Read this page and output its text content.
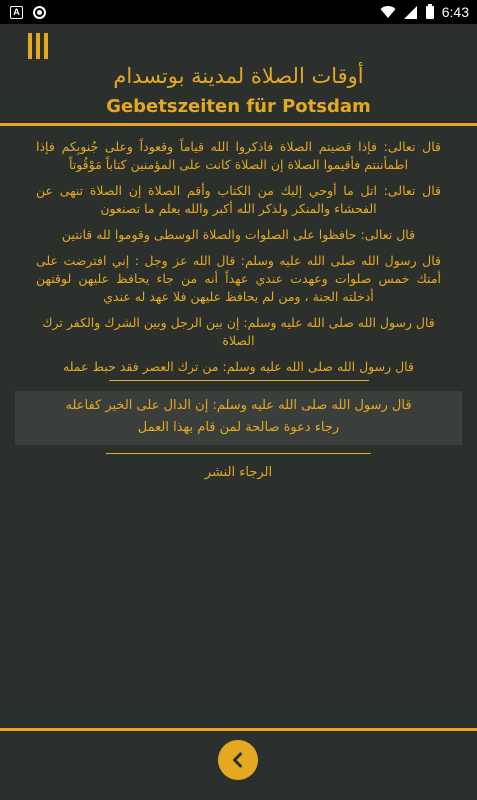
A	6:43
أوقات الصلاة لمدينة بوتسدام
Gebetszeiten für Potsdam
قال تعالى: فإذا قضيتم الصلاة فاذكروا الله قياماً وقعوداً وعلى جُنوبِكم فإذا اطمأننتم فأقيموا الصلاة إن الصلاة كانت على المؤمنين كتاباً مَوْقُوتاً
قال تعالى: اتل ما أوحي إليك من الكتاب وأقم الصلاة إن الصلاة تنهى عن الفحشاء والمنكر ولذكر الله أكبر والله يعلم ما تصنعون
قال تعالى: حافظوا على الصلوات والصلاة الوسطى وقوموا لله قانتين
قال رسول الله صلى الله عليه وسلم: قال الله عز وجل : إني افترضت على أمتك خمس صلوات وعهدت عندي عهداً أنه من جاء يحافظ عليهن لوقتهن أدخلته الجنة ، ومن لم يحافظ عليهن فلا عهد له عندي
قال رسول الله صلى الله عليه وسلم: إن بين الرجل وبين الشرك والكفر ترك الصلاة
قال رسول الله صلى الله عليه وسلم: من ترك العصر فقد حبط عمله
قال رسول الله صلى الله عليه وسلم: إن الدال على الخير كفاعله
رجاء دعوة صالحة لمن قام بهذا العمل
الرجاء النشر
